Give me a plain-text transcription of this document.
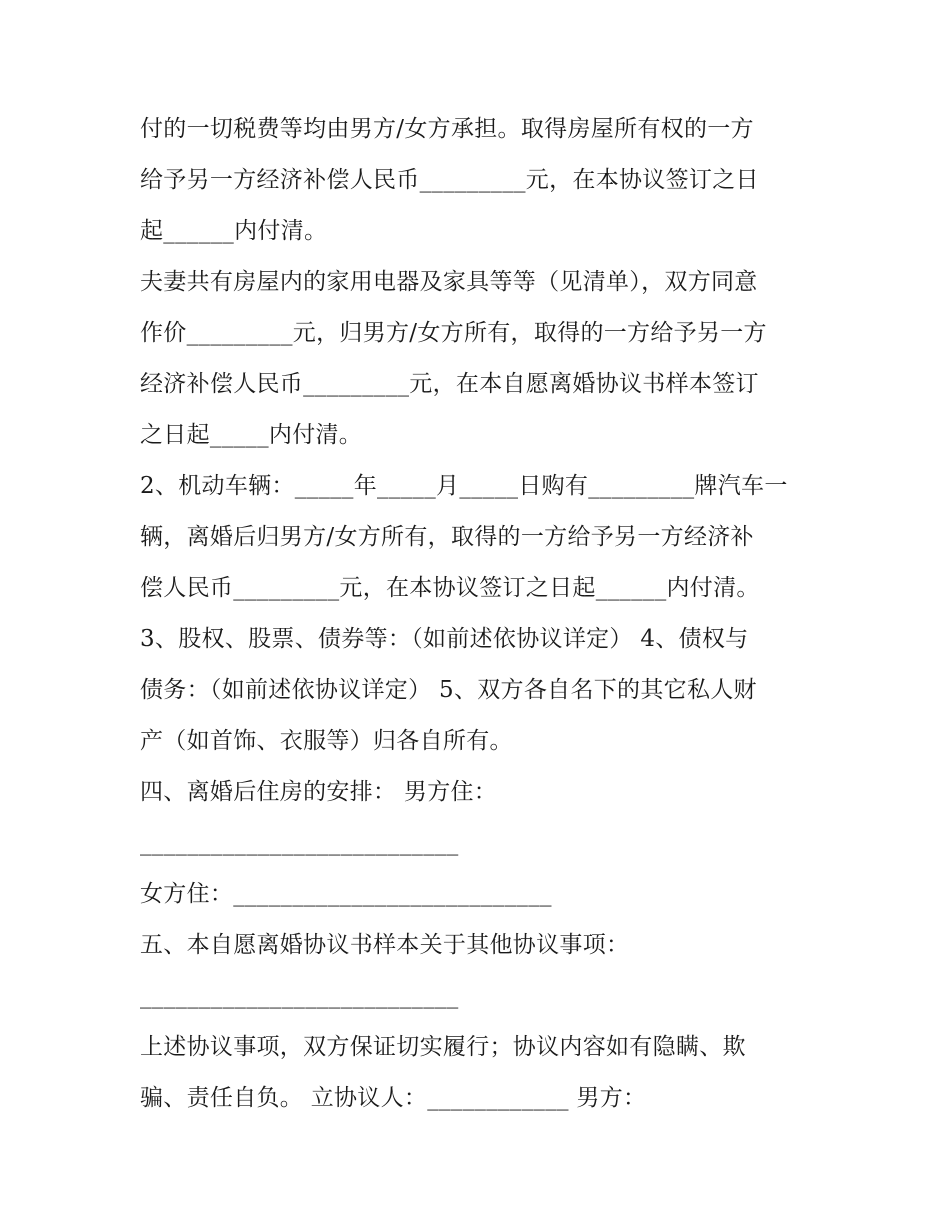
付的一切税费等均由男方/女方承担。取得房屋所有权的一方
给予另一方经济补偿人民币_________元，在本协议签订之日
起______内付清。
夫妻共有房屋内的家用电器及家具等等（见清单），双方同意
作价_________元，归男方/女方所有，取得的一方给予另一方
经济补偿人民币_________元，在本自愿离婚协议书样本签订
之日起_____内付清。
2、机动车辆：_____年_____月_____日购有_________牌汽车一
辆，离婚后归男方/女方所有，取得的一方给予另一方经济补
偿人民币_________元，在本协议签订之日起______内付清。
3、股权、股票、债券等：（如前述依协议详定） 4、债权与
债务：（如前述依协议详定） 5、双方各自名下的其它私人财
产（如首饰、衣服等）归各自所有。
四、离婚后住房的安排： 男方住：
___________________________
女方住：___________________________
五、本自愿离婚协议书样本关于其他协议事项：
___________________________
上述协议事项，双方保证切实履行；协议内容如有隐瞒、欺
骗、责任自负。 立协议人：____________ 男方：
